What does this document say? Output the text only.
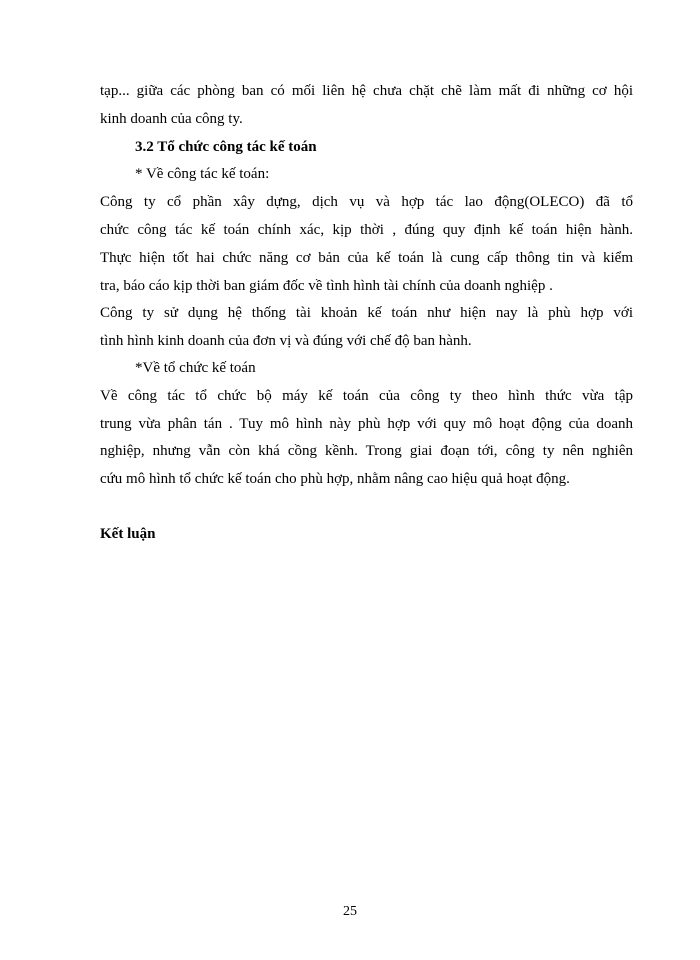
tạp... giữa các phòng ban có mối liên hệ chưa chặt chẽ làm mất đi những cơ hội
kinh doanh của công ty.
3.2 Tổ chức công tác kế toán
* Về công tác kế toán:
Công ty cổ phần xây dựng, dịch vụ và hợp tác lao động(OLECO) đã tổ
chức công tác kế toán chính xác, kịp thời , đúng quy định kế toán hiện hành.
Thực hiện tốt hai chức năng cơ bản của kế toán là cung cấp thông tin và kiểm
tra, báo cáo kịp thời ban giám đốc về tình hình tài chính của doanh nghiệp .
Công ty sử dụng hệ thống tài khoản kế toán như hiện nay là phù hợp với
tình hình kinh doanh của đơn vị và đúng với chế độ ban hành.
*Về tổ chức kế toán
Về công tác tổ chức bộ máy kế toán của công ty theo hình thức vừa tập
trung vừa phân tán . Tuy mô hình này phù hợp với quy mô hoạt động của doanh
nghiệp, nhưng vẫn còn khá cồng kềnh. Trong giai đoạn tới, công ty nên nghiên
cứu mô hình tổ chức kế toán cho phù hợp, nhằm nâng cao hiệu quả hoạt động.
Kết luận
25
